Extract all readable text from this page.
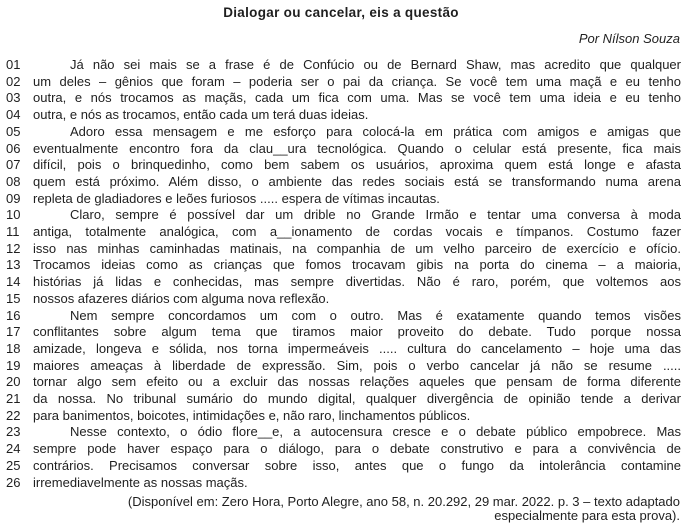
Dialogar ou cancelar, eis a questão
Por Nílson Souza
01	Já não sei mais se a frase é de Confúcio ou de Bernard Shaw, mas acredito que qualquer
02 um deles – gênios que foram – poderia ser o pai da criança. Se você tem uma maçã e eu tenho
03 outra, e nós trocamos as maçãs, cada um fica com uma. Mas se você tem uma ideia e eu tenho
04 outra, e nós as trocamos, então cada um terá duas ideias.
05	Adoro essa mensagem e me esforço para colocá-la em prática com amigos e amigas que
06 eventualmente encontro fora da clau__ura tecnológica. Quando o celular está presente, fica mais
07 difícil, pois o brinquedinho, como bem sabem os usuários, aproxima quem está longe e afasta
08 quem está próximo. Além disso, o ambiente das redes sociais está se transformando numa arena
09 repleta de gladiadores e leões furiosos ..... espera de vítimas incautas.
10	Claro, sempre é possível dar um drible no Grande Irmão e tentar uma conversa à moda
11	antiga, totalmente analógica, com a__ionamento de cordas vocais e tímpanos. Costumo fazer
12 isso nas minhas caminhadas matinais, na companhia de um velho parceiro de exercício e ofício.
13 Trocamos ideias como as crianças que fomos trocavam gibis na porta do cinema – a maioria,
14 histórias já lidas e conhecidas, mas sempre divertidas. Não é raro, porém, que voltemos aos
15 nossos afazeres diários com alguma nova reflexão.
16	Nem sempre concordamos um com o outro. Mas é exatamente quando temos visões
17 conflitantes sobre algum tema que tiramos maior proveito do debate. Tudo porque nossa
18 amizade, longeva e sólida, nos torna impermeáveis ..... cultura do cancelamento – hoje uma das
19 maiores ameaças à liberdade de expressão. Sim, pois o verbo cancelar já não se resume .....
20 tornar algo sem efeito ou a excluir das nossas relações aqueles que pensam de forma diferente
21 da nossa. No tribunal sumário do mundo digital, qualquer divergência de opinião tende a derivar
22 para banimentos, boicotes, intimidações e, não raro, linchamentos públicos.
23	Nesse contexto, o ódio flore__e, a autocensura cresce e o debate público empobrece. Mas
24 sempre pode haver espaço para o diálogo, para o debate construtivo e para a convivência de
25 contrários. Precisamos conversar sobre isso, antes que o fungo da intolerância contamine
26 irremediavelmente as nossas maçãs.
(Disponível em: Zero Hora, Porto Alegre, ano 58, n. 20.292, 29 mar. 2022. p. 3 – texto adaptado
especialmente para esta prova).
